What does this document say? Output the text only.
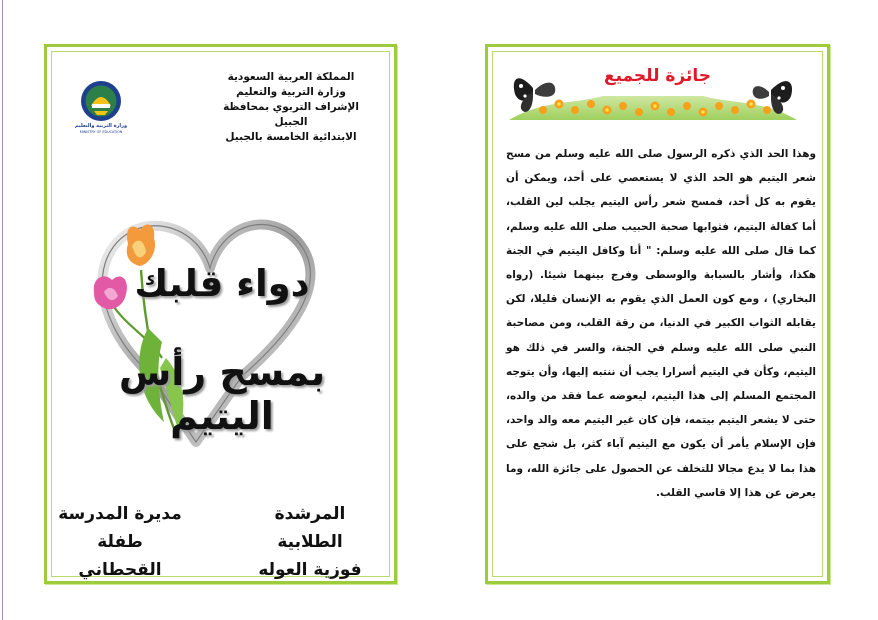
وزارة التربية والتعليم
MINISTRY OF EDUCATION
المملكة العربية السعودية
وزارة التربية والتعليم
الإشراف التربوي بمحافظة الجبيل
الابتدائية الخامسة بالجبيل
دواء قلبك
بمسح رأس اليتيم
المرشدة الطلابية
فوزية العوله
مديرة المدرسة
طفلة القحطاني
جائزة للجميع
وهذا الحد الذي ذكره الرسول صلى الله عليه وسلم من مسح شعر اليتيم هو الحد الذي لا يستعصي على أحد، ويمكن أن يقوم به كل أحد، فمسح شعر رأس اليتيم يجلب لين القلب، أما كفالة اليتيم، فثوابها صحبة الحبيب صلى الله عليه وسلم، كما قال صلى الله عليه وسلم: " أنا وكافل اليتيم في الجنة هكذا، وأشار بالسبابة والوسطى وفرج بينهما شيئا. (رواه البخاري) ، ومع كون العمل الذي يقوم به الإنسان قليلا، لكن يقابله الثواب الكبير في الدنيا، من رقة القلب، ومن مصاحبة النبي صلى الله عليه وسلم في الجنة، والسر في ذلك هو اليتيم، وكأن في اليتيم أسرارا يجب أن ننتبه إليها، وأن يتوجه المجتمع المسلم إلى هذا اليتيم، ليعوضه عما فقد من والده، حتى لا يشعر اليتيم بيتمه، فإن كان غير اليتيم معه والد واحد، فإن الإسلام يأمر أن يكون مع اليتيم آباء كثر، بل شجع على هذا بما لا يدع مجالا للتخلف عن الحصول على جائزة الله، وما يعرض عن هذا إلا قاسي القلب.
